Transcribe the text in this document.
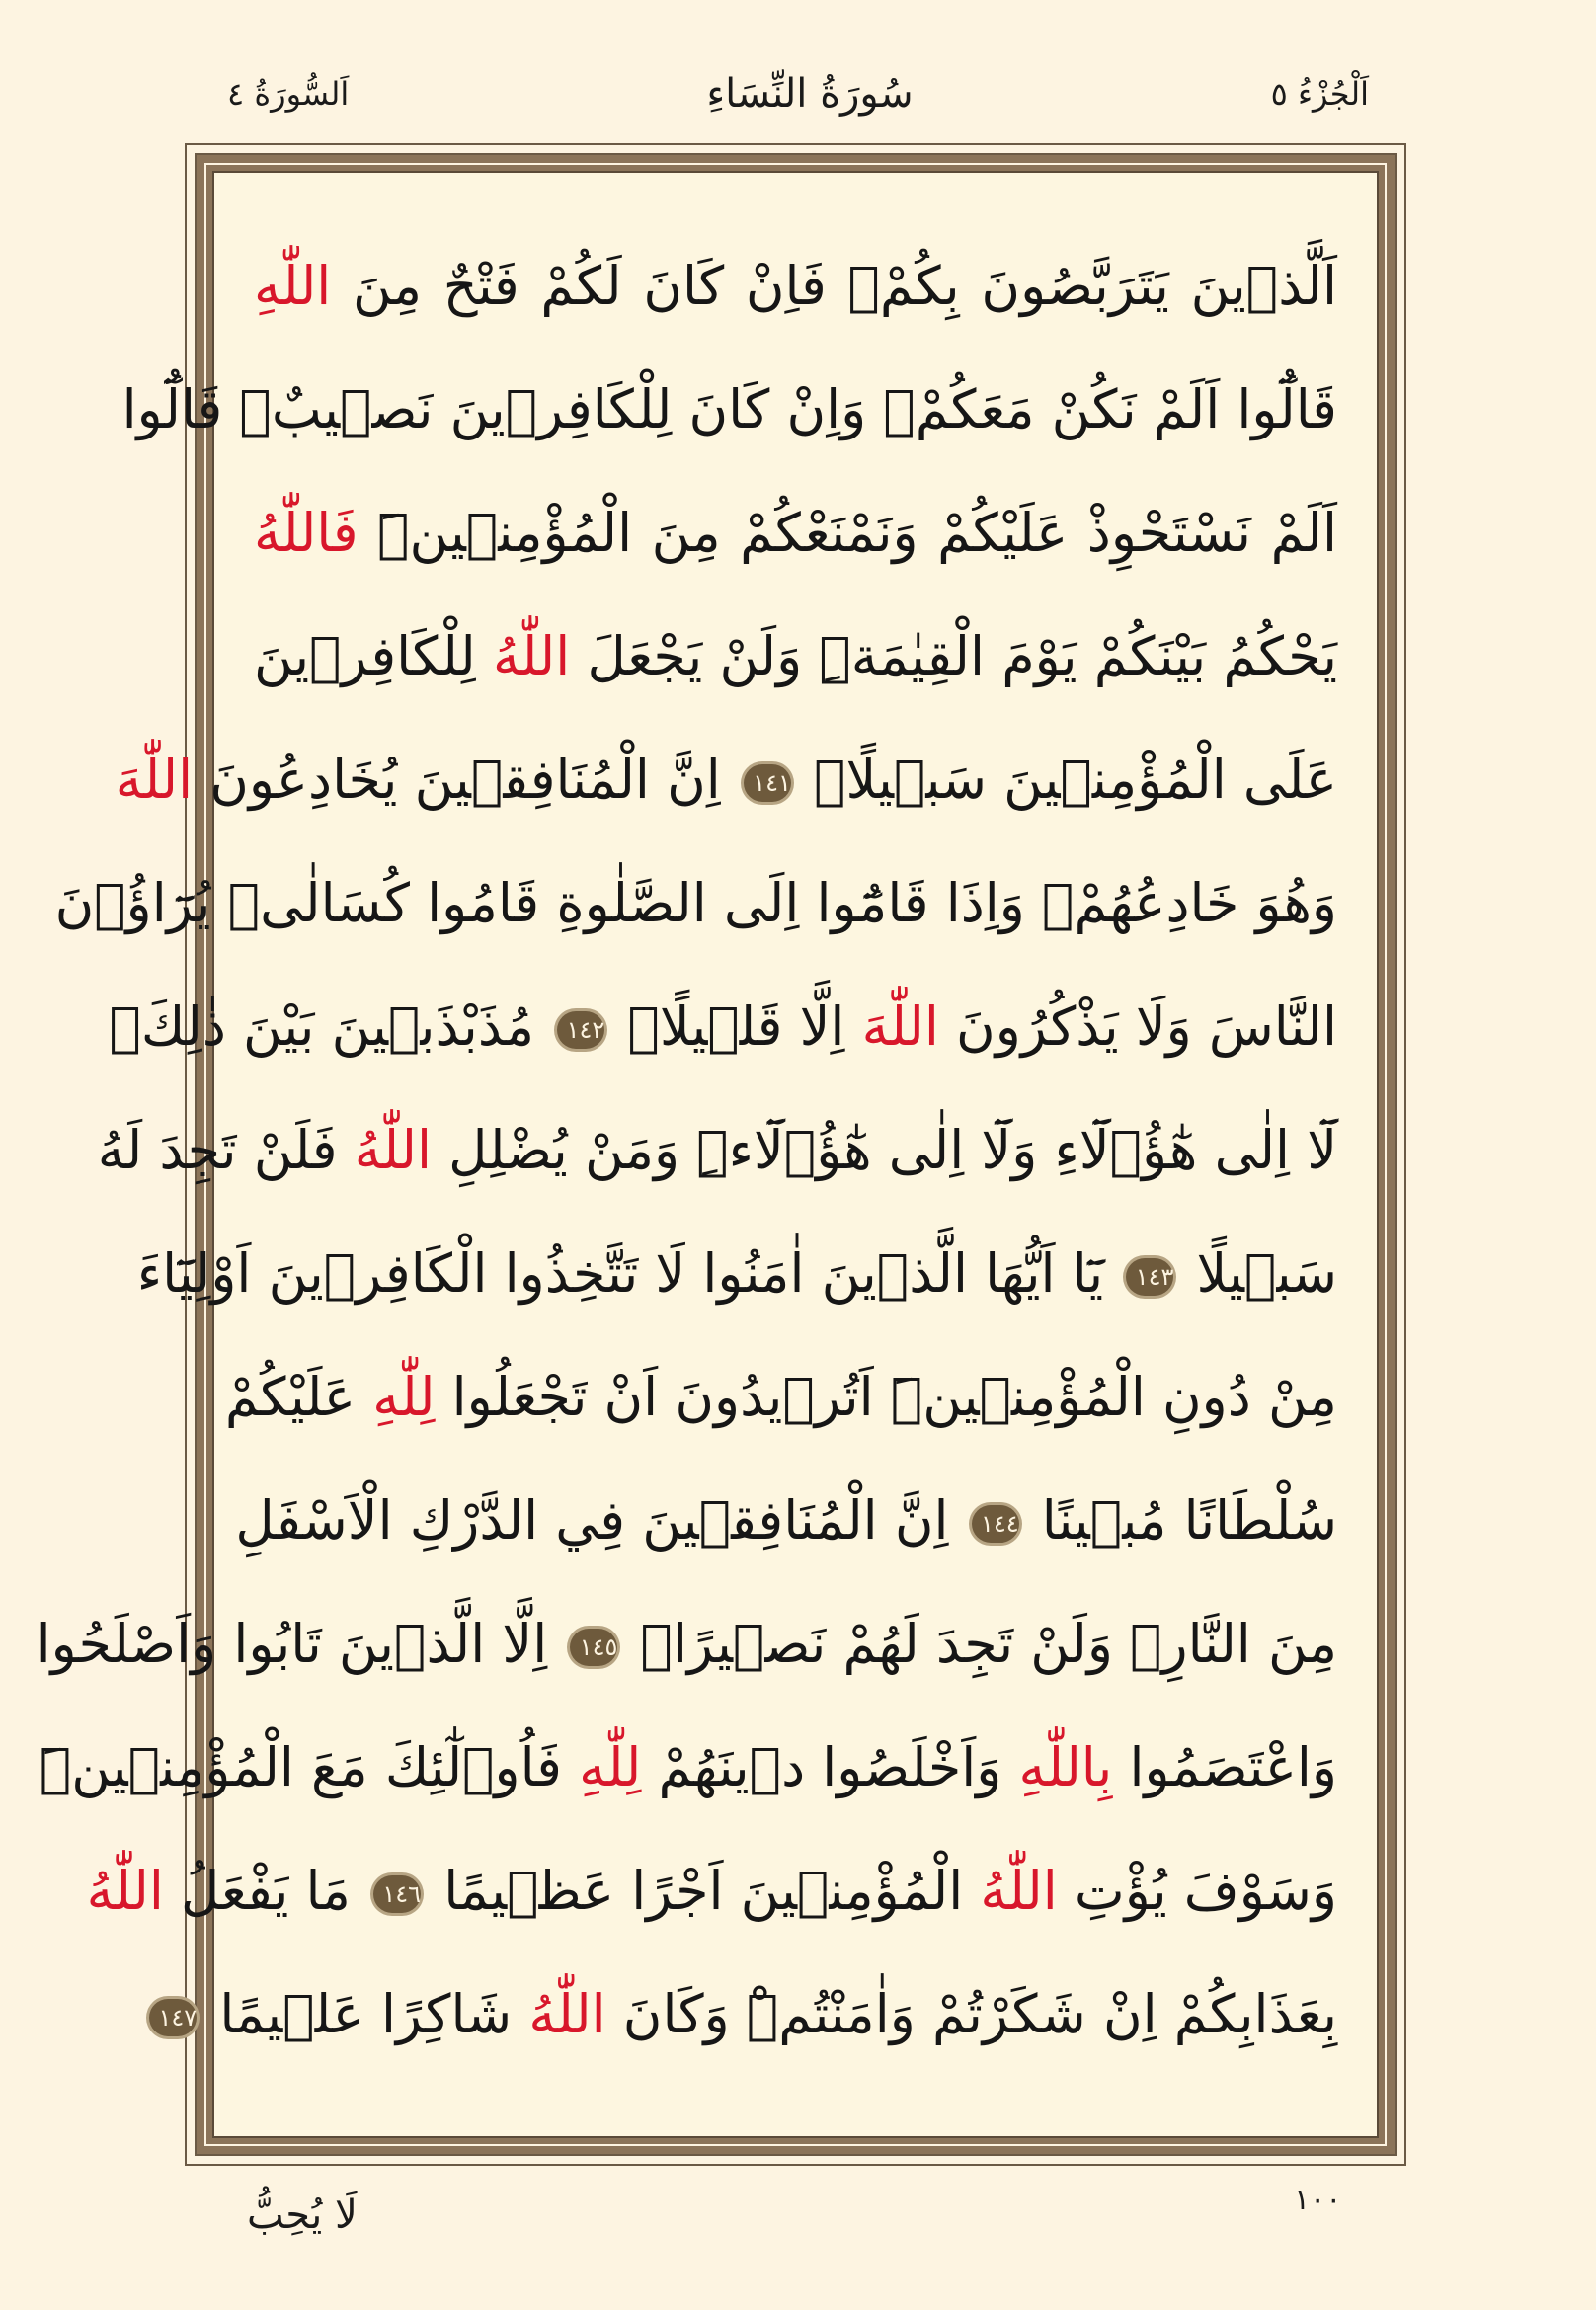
اَلْجُزْءُ ٥
سُورَةُ النِّسَاءِ
اَلسُّورَةُ ٤
اَلَّذ۪ينَ يَتَرَبَّصُونَ بِكُمْۚ فَاِنْ كَانَ لَكُمْ فَتْحٌ مِنَ اللّٰهِ
قَالُٓوا اَلَمْ نَكُنْ مَعَكُمْۘ وَاِنْ كَانَ لِلْكَافِر۪ينَ نَص۪يبٌۙ قَالُٓوا
اَلَمْ نَسْتَحْوِذْ عَلَيْكُمْ وَنَمْنَعْكُمْ مِنَ الْمُؤْمِن۪ينَۜ فَاللّٰهُ
يَحْكُمُ بَيْنَكُمْ يَوْمَ الْقِيٰمَةِۜ وَلَنْ يَجْعَلَ اللّٰهُ لِلْكَافِر۪ينَ
عَلَى الْمُؤْمِن۪ينَ سَب۪يلًاࣖ ١٤١ اِنَّ الْمُنَافِق۪ينَ يُخَادِعُونَ اللّٰهَ
وَهُوَ خَادِعُهُمْۚ وَاِذَا قَامُٓوا اِلَى الصَّلٰوةِ قَامُوا كُسَالٰىۙ يُرَٓاؤُ۫نَ
النَّاسَ وَلَا يَذْكُرُونَ اللّٰهَ اِلَّا قَل۪يلًاۘ ١٤٢ مُذَبْذَب۪ينَ بَيْنَ ذٰلِكَۗ
لَٓا اِلٰى هٰٓؤُ۬لَٓاءِ وَلَٓا اِلٰى هٰٓؤُ۬لَٓاءِۜ وَمَنْ يُضْلِلِ اللّٰهُ فَلَنْ تَجِدَ لَهُ
سَب۪يلًا ١٤٣ يَٓا اَيُّهَا الَّذ۪ينَ اٰمَنُوا لَا تَتَّخِذُوا الْكَافِر۪ينَ اَوْلِيَٓاءَ
مِنْ دُونِ الْمُؤْمِن۪ينَۜ اَتُر۪يدُونَ اَنْ تَجْعَلُوا لِلّٰهِ عَلَيْكُمْ
سُلْطَانًا مُب۪ينًا ١٤٤ اِنَّ الْمُنَافِق۪ينَ فِي الدَّرْكِ الْاَسْفَلِ
مِنَ النَّارِۚ وَلَنْ تَجِدَ لَهُمْ نَص۪يرًاۙ ١٤٥ اِلَّا الَّذ۪ينَ تَابُوا وَاَصْلَحُوا
وَاعْتَصَمُوا بِاللّٰهِ وَاَخْلَصُوا د۪ينَهُمْ لِلّٰهِ فَاُو۬لٰٓئِكَ مَعَ الْمُؤْمِن۪ينَۜ
وَسَوْفَ يُؤْتِ اللّٰهُ الْمُؤْمِن۪ينَ اَجْرًا عَظ۪يمًا ١٤٦ مَا يَفْعَلُ اللّٰهُ
بِعَذَابِكُمْ اِنْ شَكَرْتُمْ وَاٰمَنْتُمْۜ وَكَانَ اللّٰهُ شَاكِرًا عَل۪يمًا ١٤٧
١٠٠
لَا يُحِبُّ
